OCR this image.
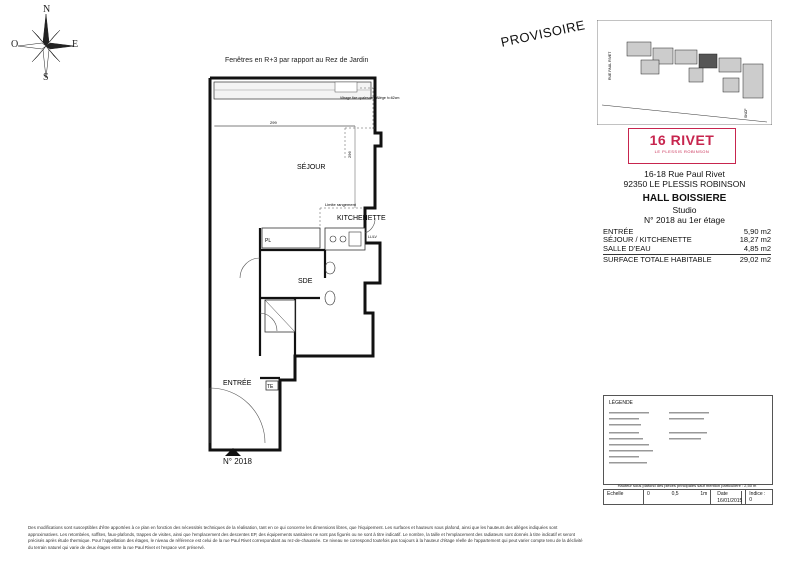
N
S
E
O
Fenêtres en R+3 par rapport au Rez de Jardin
PROVISOIRE
SÉJOUR
KITCHENETTE
SDE
ENTRÉE
Vitrage fixe opalescent Allège h=62cm
Limite rangement
PL
TE
LL/LV
299
296
N° 2018
RUE PAUL RIVET
SNCF
16 RIVET
LE PLESSIS ROBINSON
16-18 Rue Paul Rivet
92350 LE PLESSIS ROBINSON
HALL BOISSIERE
Studio
N° 2018 au 1er étage
ENTRÉE	5,90 m2
SÉJOUR / KITCHENETTE	18,27 m2
SALLE D'EAU	4,85 m2
SURFACE TOTALE HABITABLE	29,02 m2
LÉGENDE
Hauteur sous plafond des pièces principales sauf mention particulière : 2,50 m
Echelle	0	0,5	1m	Date
16/01/2015
Indice : 0
Des modifications sont susceptibles d'être apportées à ce plan en fonction des nécessités techniques de la réalisation, tant en ce qui concerne les dimensions libres, que l'équipement. Les surfaces et hauteurs sous plafond, ainsi que les hauteurs des allèges indiquées sont approximatives. Les retombées, soffites, faux-plafonds, trappes de visites, ainsi que l'emplacement des descentes EP, des équipements sanitaires ne sont pas figurés ou ne sont à titre indicatif. Le nombre, la taille et l'emplacement des radiateurs sont donnés à titre indicatif et seront précisés après étude thermique. Pour l'appellation des étages, le niveau de référence est celui de la rue Paul Rivet correspondant au rez-de-chaussée. Ce niveau ne correspond toutefois pas toujours à la hauteur d'étage réelle de l'appartement qui peut varier compte tenu de la déclivité du terrain naturel qui varie de deux étages entre la rue Paul Rivet et l'espace vert préservé.
